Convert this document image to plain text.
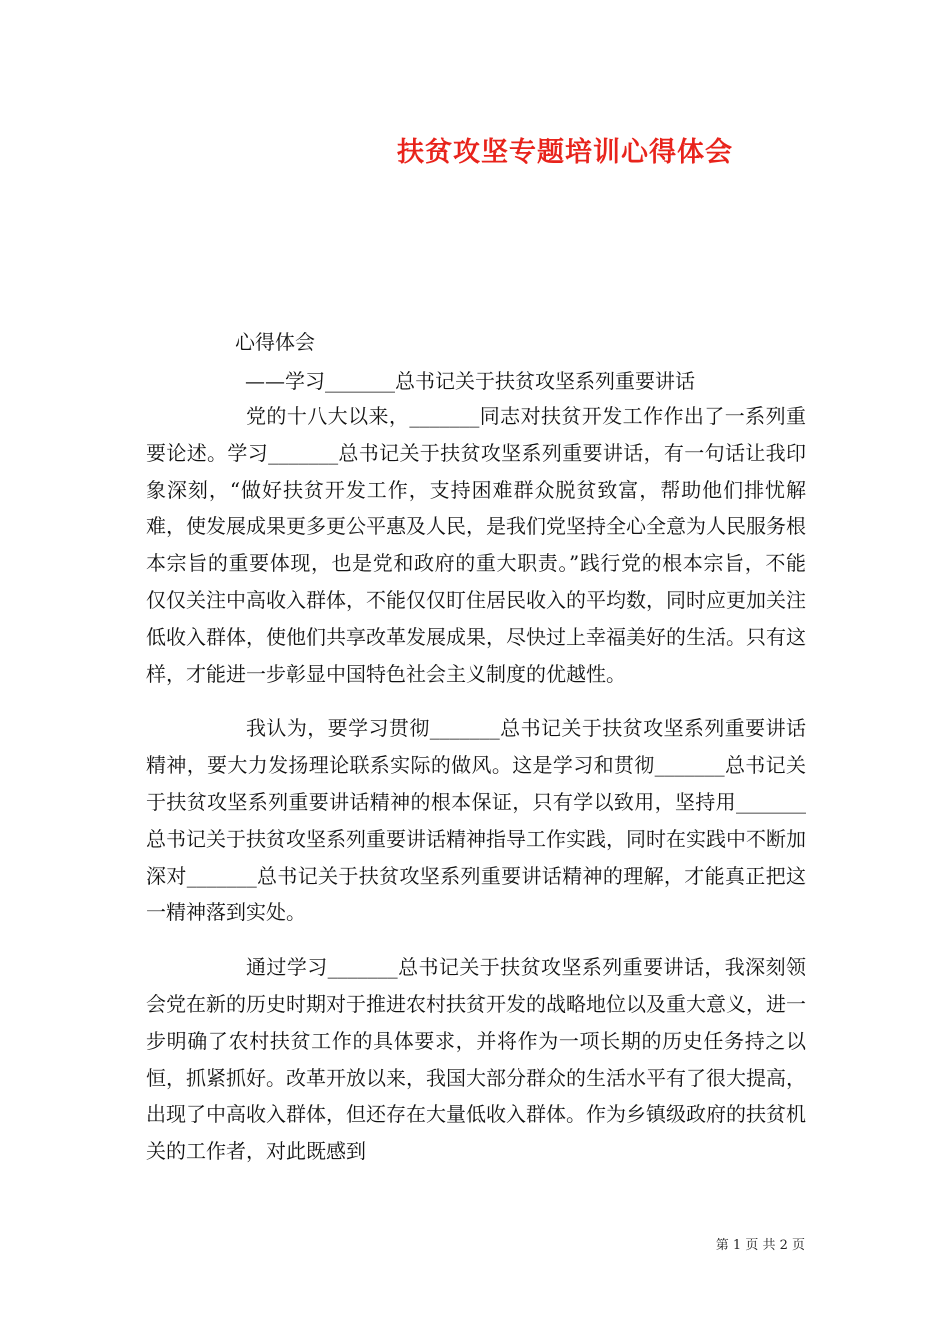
扶贫攻坚专题培训心得体会

心得体会

——学习_______总书记关于扶贫攻坚系列重要讲话

党的十八大以来，_______同志对扶贫开发工作作出了一系列重要论述。学习_______总书记关于扶贫攻坚系列重要讲话，有一句话让我印象深刻，“做好扶贫开发工作，支持困难群众脱贫致富，帮助他们排忧解难，使发展成果更多更公平惠及人民，是我们党坚持全心全意为人民服务根本宗旨的重要体现，也是党和政府的重大职责。”践行党的根本宗旨，不能仅仅关注中高收入群体，不能仅仅盯住居民收入的平均数，同时应更加关注低收入群体，使他们共享改革发展成果，尽快过上幸福美好的生活。只有这样，才能进一步彰显中国特色社会主义制度的优越性。

我认为，要学习贯彻_______总书记关于扶贫攻坚系列重要讲话精神，要大力发扬理论联系实际的做风。这是学习和贯彻_______总书记关于扶贫攻坚系列重要讲话精神的根本保证，只有学以致用，坚持用_______总书记关于扶贫攻坚系列重要讲话精神指导工作实践，同时在实践中不断加深对_______总书记关于扶贫攻坚系列重要讲话精神的理解，才能真正把这一精神落到实处。

通过学习_______总书记关于扶贫攻坚系列重要讲话，我深刻领会党在新的历史时期对于推进农村扶贫开发的战略地位以及重大意义，进一步明确了农村扶贫工作的具体要求，并将作为一项长期的历史任务持之以恒，抓紧抓好。改革开放以来，我国大部分群众的生活水平有了很大提高，出现了中高收入群体，但还存在大量低收入群体。作为乡镇级政府的扶贫机关的工作者，对此既感到

第 1 页 共 2 页
